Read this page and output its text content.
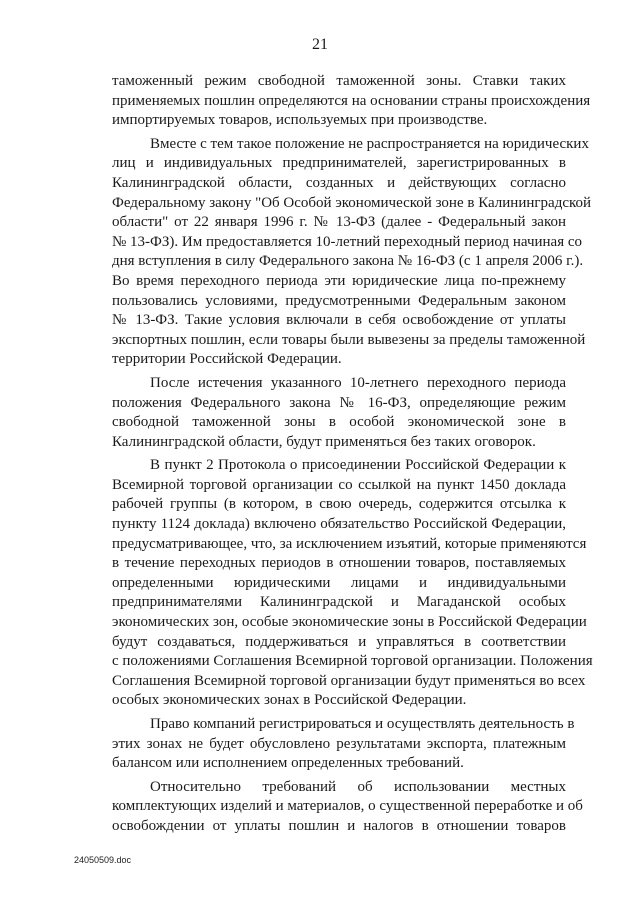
21
таможенный режим свободной таможенной зоны. Ставки таких
применяемых пошлин определяются на основании страны происхождения
импортируемых товаров, используемых при производстве.
Вместе с тем такое положение не распространяется на юридических
лиц и индивидуальных предпринимателей, зарегистрированных в
Калининградской области, созданных и действующих согласно
Федеральному закону "Об Особой экономической зоне в Калининградской
области" от 22 января 1996 г. № 13-ФЗ (далее - Федеральный закон
№ 13-ФЗ). Им предоставляется 10-летний переходный период начиная со
дня вступления в силу Федерального закона № 16-ФЗ (с 1 апреля 2006 г.).
Во время переходного периода эти юридические лица по-прежнему
пользовались условиями, предусмотренными Федеральным законом
№ 13-ФЗ. Такие условия включали в себя освобождение от уплаты
экспортных пошлин, если товары были вывезены за пределы таможенной
территории Российской Федерации.
После истечения указанного 10-летнего переходного периода
положения Федерального закона № 16-ФЗ, определяющие режим
свободной таможенной зоны в особой экономической зоне в
Калининградской области, будут применяться без таких оговорок.
В пункт 2 Протокола о присоединении Российской Федерации к
Всемирной торговой организации со ссылкой на пункт 1450 доклада
рабочей группы (в котором, в свою очередь, содержится отсылка к
пункту 1124 доклада) включено обязательство Российской Федерации,
предусматривающее, что, за исключением изъятий, которые применяются
в течение переходных периодов в отношении товаров, поставляемых
определенными юридическими лицами и индивидуальными
предпринимателями Калининградской и Магаданской особых
экономических зон, особые экономические зоны в Российской Федерации
будут создаваться, поддерживаться и управляться в соответствии
с положениями Соглашения Всемирной торговой организации. Положения
Соглашения Всемирной торговой организации будут применяться во всех
особых экономических зонах в Российской Федерации.
Право компаний регистрироваться и осуществлять деятельность в
этих зонах не будет обусловлено результатами экспорта, платежным
балансом или исполнением определенных требований.
Относительно требований об использовании местных
комплектующих изделий и материалов, о существенной переработке и об
освобождении от уплаты пошлин и налогов в отношении товаров
24050509.doc
